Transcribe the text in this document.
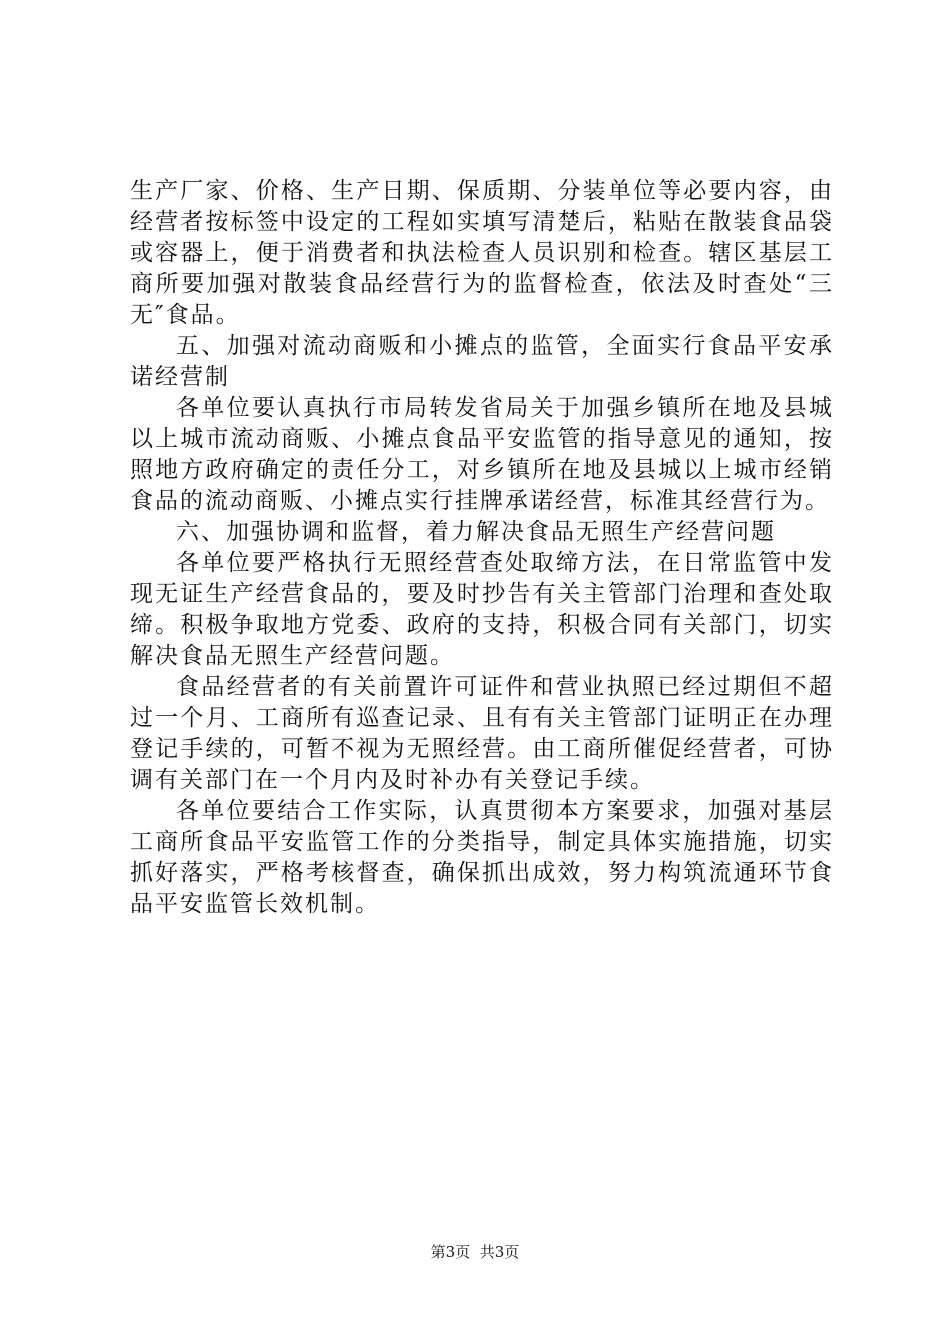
生产厂家、价格、生产日期、保质期、分装单位等必要内容，由经营者按标签中设定的工程如实填写清楚后，粘贴在散装食品袋或容器上，便于消费者和执法检查人员识别和检查。辖区基层工商所要加强对散装食品经营行为的监督检查，依法及时查处“三无″食品。

五、加强对流动商贩和小摊点的监管，全面实行食品平安承诺经营制

各单位要认真执行市局转发省局关于加强乡镇所在地及县城以上城市流动商贩、小摊点食品平安监管的指导意见的通知，按照地方政府确定的责任分工，对乡镇所在地及县城以上城市经销食品的流动商贩、小摊点实行挂牌承诺经营，标准其经营行为。

六、加强协调和监督，着力解决食品无照生产经营问题

各单位要严格执行无照经营查处取缔方法，在日常监管中发现无证生产经营食品的，要及时抄告有关主管部门治理和查处取缔。积极争取地方党委、政府的支持，积极合同有关部门，切实解决食品无照生产经营问题。

食品经营者的有关前置许可证件和营业执照已经过期但不超过一个月、工商所有巡查记录、且有有关主管部门证明正在办理登记手续的，可暂不视为无照经营。由工商所催促经营者，可协调有关部门在一个月内及时补办有关登记手续。

各单位要结合工作实际，认真贯彻本方案要求，加强对基层工商所食品平安监管工作的分类指导，制定具体实施措施，切实抓好落实，严格考核督查，确保抓出成效，努力构筑流通环节食品平安监管长效机制。

第3页 共3页
